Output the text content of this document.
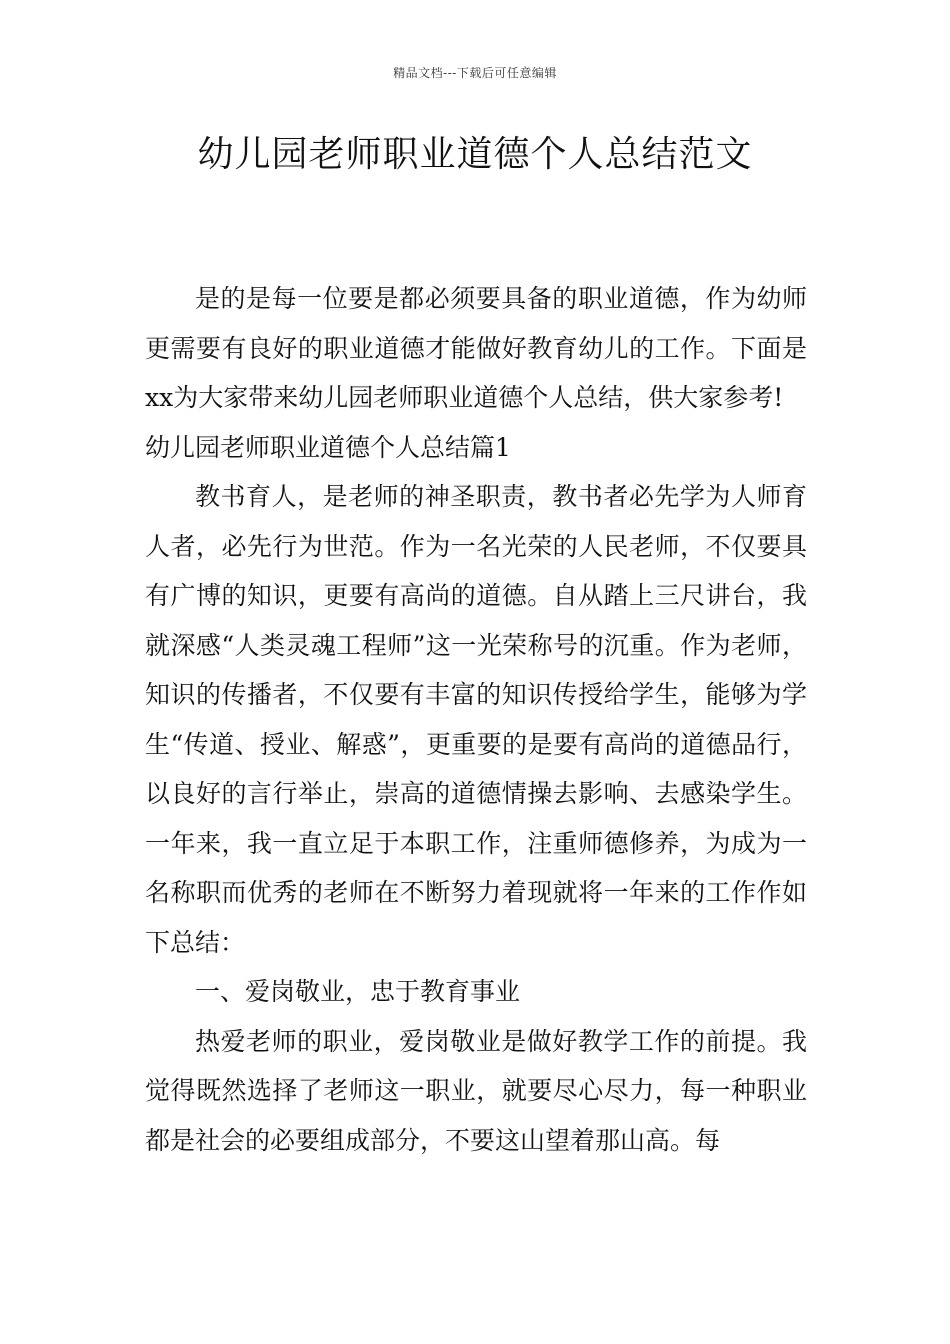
精品文档---下载后可任意编辑
幼儿园老师职业道德个人总结范文

是的是每一位要是都必须要具备的职业道德，作为幼师更需要有良好的职业道德才能做好教育幼儿的工作。下面是xx为大家带来幼儿园老师职业道德个人总结，供大家参考!

幼儿园老师职业道德个人总结篇1

教书育人，是老师的神圣职责，教书者必先学为人师育人者，必先行为世范。作为一名光荣的人民老师，不仅要具有广博的知识，更要有高尚的道德。自从踏上三尺讲台，我就深感“人类灵魂工程师”这一光荣称号的沉重。作为老师，知识的传播者，不仅要有丰富的知识传授给学生，能够为学生“传道、授业、解惑”，更重要的是要有高尚的道德品行，以良好的言行举止，崇高的道德情操去影响、去感染学生。一年来，我一直立足于本职工作，注重师德修养，为成为一名称职而优秀的老师在不断努力着现就将一年来的工作作如下总结：

一、爱岗敬业，忠于教育事业

热爱老师的职业，爱岗敬业是做好教学工作的前提。我觉得既然选择了老师这一职业，就要尽心尽力，每一种职业都是社会的必要组成部分，不要这山望着那山高。每
